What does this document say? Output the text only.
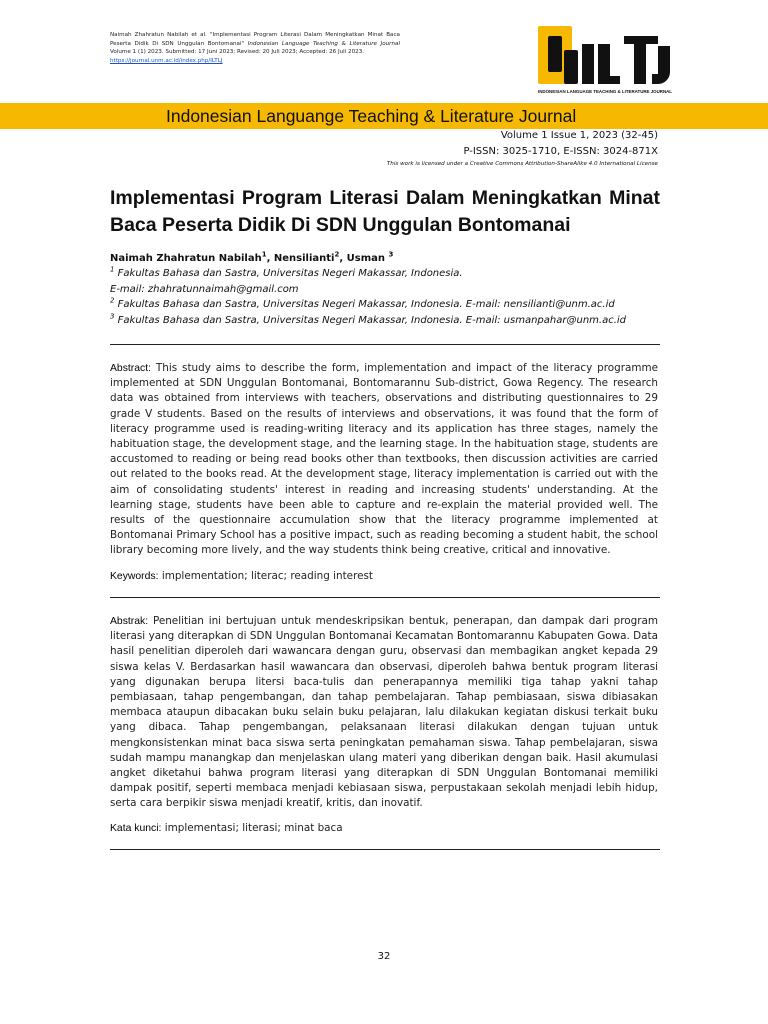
Naimah Zhahratun Nabilah et al. "Implementasi Program Literasi Dalam Meningkatkan Minat Baca Peserta Didik Di SDN Unggulan Bontomanai" Indonesian Language Teaching & Literature Journal Volume 1 (1) 2023. Submitted: 17 Juni 2023; Revised: 20 Juli 2023; Accepted: 26 Juli 2023.
https://journal.unm.ac.id/index.php/ILTLJ
INDONESIAN LANGUAGE TEACHING & LITERATURE JOURNAL
Indonesian Languange Teaching & Literature Journal
Volume 1 Issue 1, 2023 (32-45)
P-ISSN: 3025-1710, E-ISSN: 3024-871X
This work is licensed under a Creative Commons Attribution-ShareAlike 4.0 International License
Implementasi Program Literasi Dalam Meningkatkan Minat Baca Peserta Didik Di SDN Unggulan Bontomanai
Naimah Zhahratun Nabilah$^1$, Nensilianti$^2$, Usman $^3$
$^1$ Fakultas Bahasa dan Sastra, Universitas Negeri Makassar, Indonesia.
E-mail: zhahratunnaimah@gmail.com
$^2$ Fakultas Bahasa dan Sastra, Universitas Negeri Makassar, Indonesia. E-mail: nensilianti@unm.ac.id
$^3$ Fakultas Bahasa dan Sastra, Universitas Negeri Makassar, Indonesia. E-mail: usmanpahar@unm.ac.id
Abstract: This study aims to describe the form, implementation and impact of the literacy programme implemented at SDN Unggulan Bontomanai, Bontomarannu Sub-district, Gowa Regency. The research data was obtained from interviews with teachers, observations and distributing questionnaires to 29 grade V students. Based on the results of interviews and observations, it was found that the form of literacy programme used is reading-writing literacy and its application has three stages, namely the habituation stage, the development stage, and the learning stage. In the habituation stage, students are accustomed to reading or being read books other than textbooks, then discussion activities are carried out related to the books read. At the development stage, literacy implementation is carried out with the aim of consolidating students' interest in reading and increasing students' understanding. At the learning stage, students have been able to capture and re-explain the material provided well. The results of the questionnaire accumulation show that the literacy programme implemented at Bontomanai Primary School has a positive impact, such as reading becoming a student habit, the school library becoming more lively, and the way students think being creative, critical and innovative.
Keywords: implementation; literac; reading interest
Abstrak: Penelitian ini bertujuan untuk mendeskripsikan bentuk, penerapan, dan dampak dari program literasi yang diterapkan di SDN Unggulan Bontomanai Kecamatan Bontomarannu Kabupaten Gowa. Data hasil penelitian diperoleh dari wawancara dengan guru, observasi dan membagikan angket kepada 29 siswa kelas V. Berdasarkan hasil wawancara dan observasi, diperoleh bahwa bentuk program literasi yang digunakan berupa litersi baca-tulis dan penerapannya memiliki tiga tahap yakni tahap pembiasaan, tahap pengembangan, dan tahap pembelajaran. Tahap pembiasaan, siswa dibiasakan membaca ataupun dibacakan buku selain buku pelajaran, lalu dilakukan kegiatan diskusi terkait buku yang dibaca. Tahap pengembangan, pelaksanaan literasi dilakukan dengan tujuan untuk mengkonsistenkan minat baca siswa serta peningkatan pemahaman siswa. Tahap pembelajaran, siswa sudah mampu manangkap dan menjelaskan ulang materi yang diberikan dengan baik. Hasil akumulasi angket diketahui bahwa program literasi yang diterapkan di SDN Unggulan Bontomanai memiliki dampak positif, seperti membaca menjadi kebiasaan siswa, perpustakaan sekolah menjadi lebih hidup, serta cara berpikir siswa menjadi kreatif, kritis, dan inovatif.
Kata kunci: implementasi; literasi; minat baca
32
